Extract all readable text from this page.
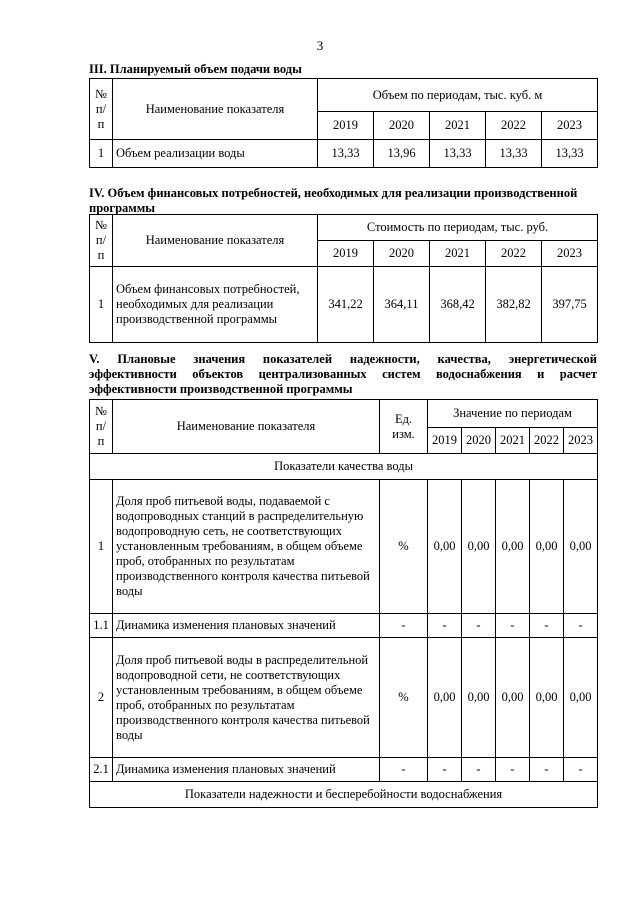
3
III. Планируемый объем подачи воды
№ п/п	Наименование показателя	Объем по периодам, тыс. куб. м				
		2019	2020	2021	2022	2023
1	Объем реализации воды	13,33	13,96	13,33	13,33	13,33
IV. Объем финансовых потребностей, необходимых для реализации производственной программы
№ п/п	Наименование показателя	Стоимость по периодам, тыс. руб.				
		2019	2020	2021	2022	2023
1	Объем финансовых потребностей, необходимых для реализации производственной программы	341,22	364,11	368,42	382,82	397,75
V. Плановые значения показателей надежности, качества, энергетической эффективности объектов централизованных систем водоснабжения и расчет эффективности производственной программы
№ п/п	Наименование показателя	Ед. изм.	Значение по периодам				
			2019	2020	2021	2022	2023
Показатели качества воды							
1	Доля проб питьевой воды, подаваемой с водопроводных станций в распределительную водопроводную сеть, не соответствующих установленным требованиям, в общем объеме проб, отобранных по результатам производственного контроля качества питьевой воды	%	0,00	0,00	0,00	0,00	0,00
1.1	Динамика изменения плановых значений	-	-	-	-	-	-
2	Доля проб питьевой воды в распределительной водопроводной сети, не соответствующих установленным требованиям, в общем объеме проб, отобранных по результатам производственного контроля качества питьевой воды	%	0,00	0,00	0,00	0,00	0,00
2.1	Динамика изменения плановых значений	-	-	-	-	-	-
Показатели надежности и бесперебойности водоснабжения							
